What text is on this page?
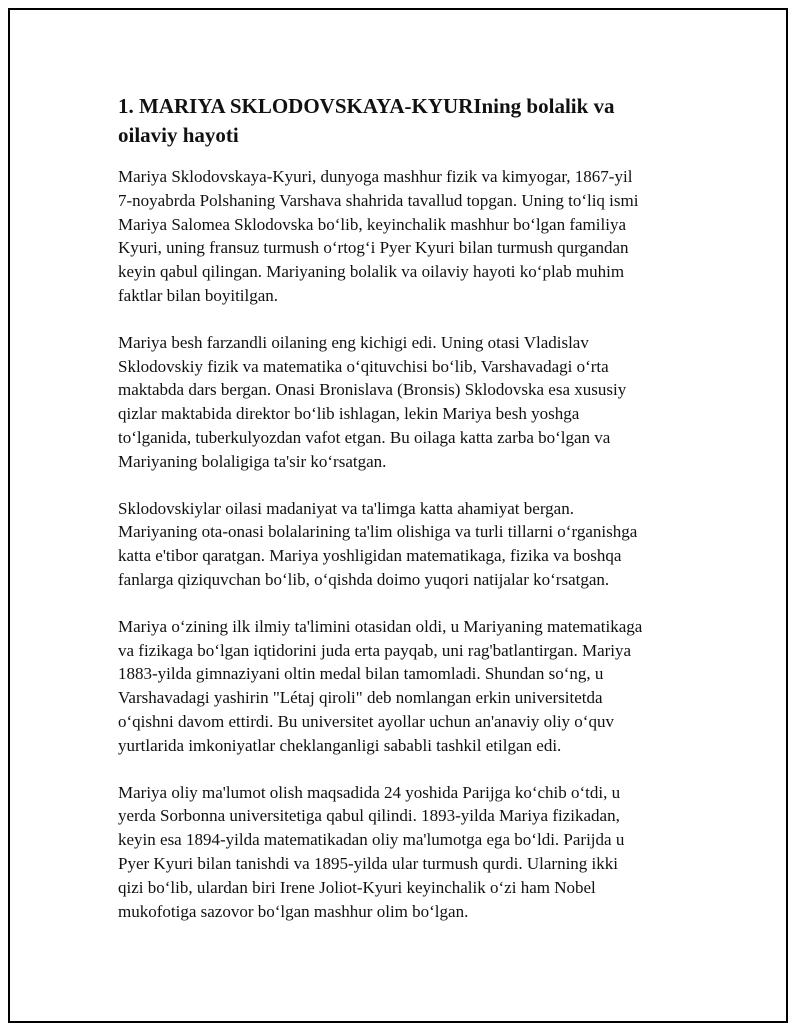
1. MARIYA SKLODOVSKAYA-KYURIning bolalik va
oilaviy hayoti

Mariya Sklodovskaya-Kyuri, dunyoga mashhur fizik va kimyogar, 1867-yil
7-noyabrda Polshaning Varshava shahrida tavallud topgan. Uning to‘liq ismi
Mariya Salomea Sklodovska bo‘lib, keyinchalik mashhur bo‘lgan familiya
Kyuri, uning fransuz turmush o‘rtog‘i Pyer Kyuri bilan turmush qurgandan
keyin qabul qilingan. Mariyaning bolalik va oilaviy hayoti ko‘plab muhim
faktlar bilan boyitilgan.

Mariya besh farzandli oilaning eng kichigi edi. Uning otasi Vladislav
Sklodovskiy fizik va matematika o‘qituvchisi bo‘lib, Varshavadagi o‘rta
maktabda dars bergan. Onasi Bronislava (Bronsis) Sklodovska esa xususiy
qizlar maktabida direktor bo‘lib ishlagan, lekin Mariya besh yoshga
to‘lganida, tuberkulyozdan vafot etgan. Bu oilaga katta zarba bo‘lgan va
Mariyaning bolaligiga ta'sir ko‘rsatgan.

Sklodovskiylar oilasi madaniyat va ta'limga katta ahamiyat bergan.
Mariyaning ota-onasi bolalarining ta'lim olishiga va turli tillarni o‘rganishga
katta e'tibor qaratgan. Mariya yoshligidan matematikaga, fizika va boshqa
fanlarga qiziquvchan bo‘lib, o‘qishda doimo yuqori natijalar ko‘rsatgan.

Mariya o‘zining ilk ilmiy ta'limini otasidan oldi, u Mariyaning matematikaga
va fizikaga bo‘lgan iqtidorini juda erta payqab, uni rag'batlantirgan. Mariya
1883-yilda gimnaziyani oltin medal bilan tamomladi. Shundan so‘ng, u
Varshavadagi yashirin "Létaj qiroli" deb nomlangan erkin universitetda
o‘qishni davom ettirdi. Bu universitet ayollar uchun an'anaviy oliy o‘quv
yurtlarida imkoniyatlar cheklanganligi sababli tashkil etilgan edi.

Mariya oliy ma'lumot olish maqsadida 24 yoshida Parijga ko‘chib o‘tdi, u
yerda Sorbonna universitetiga qabul qilindi. 1893-yilda Mariya fizikadan,
keyin esa 1894-yilda matematikadan oliy ma'lumotga ega bo‘ldi. Parijda u
Pyer Kyuri bilan tanishdi va 1895-yilda ular turmush qurdi. Ularning ikki
qizi bo‘lib, ulardan biri Irene Joliot-Kyuri keyinchalik o‘zi ham Nobel
mukofotiga sazovor bo‘lgan mashhur olim bo‘lgan.
